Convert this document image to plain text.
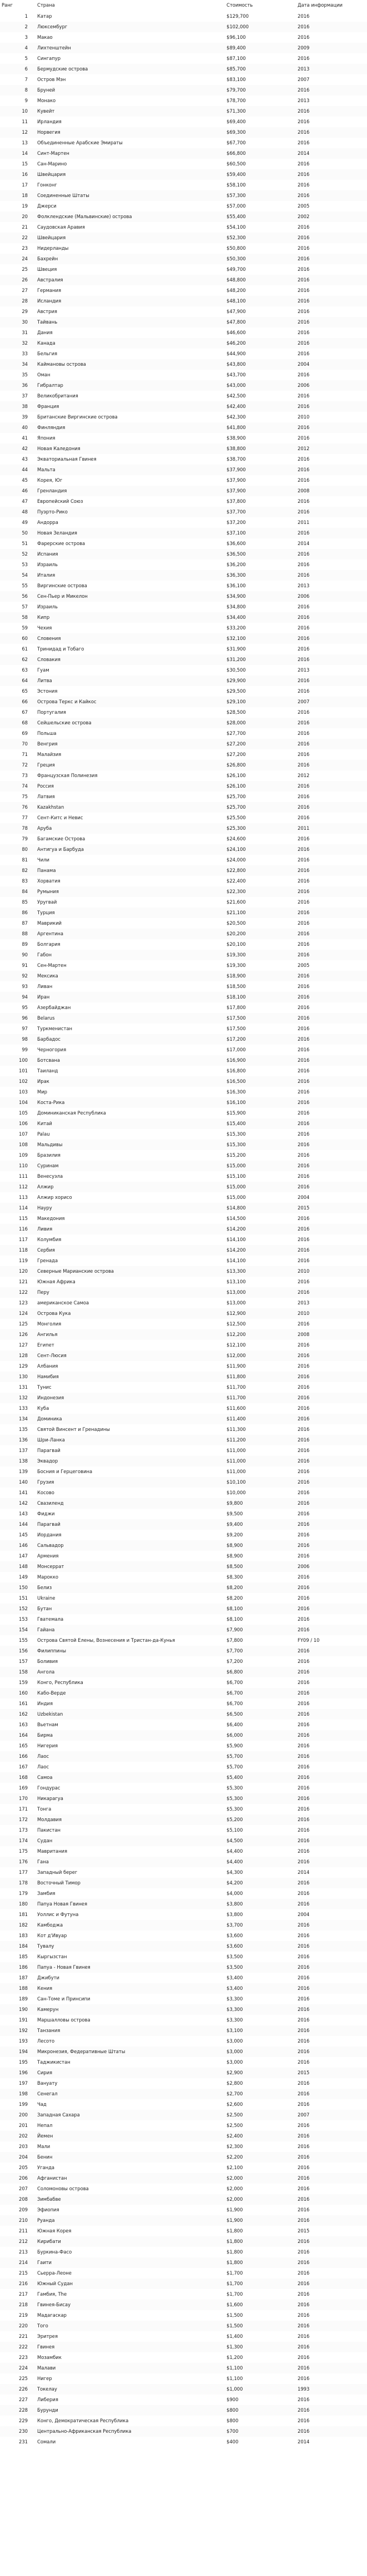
Ранг	Страна	Стоимость	Дата информации
1 Катар	$129,700	2016
2 Люксембург	$102,000	2016
3 Макао	$96,100	2016
4 Лихтенштейн	$89,400	2009
5 Сингапур	$87,100	2016
6 Бермудские острова	$85,700	2013
7 Остров Мэн	$83,100	2007
8 Бруней	$79,700	2016
9 Монако	$78,700	2013
10 Кувейт	$71,300	2016
11 Ирландия	$69,400	2016
12 Норвегия	$69,300	2016
13 Объединенные Арабские Эмираты	$67,700	2016
14 Синт-Мартен	$66,800	2014
15 Сан-Марино	$60,500	2016
16 Швейцария	$59,400	2016
17 Гонконг	$58,100	2016
18 Соединенные Штаты	$57,300	2016
19 Джерси	$57,000	2005
20 Фолклендские (Мальвинские) острова	$55,400	2002
21 Саудовская Аравия	$54,100	2016
22 Швейцария	$52,300	2016
23 Нидерланды	$50,800	2016
24 Бахрейн	$50,300	2016
25 Швеция	$49,700	2016
26 Австралия	$48,800	2016
27 Германия	$48,200	2016
28 Исландия	$48,100	2016
29 Австрия	$47,900	2016
30 Тайвань	$47,800	2016
31 Дания	$46,600	2016
32 Канада	$46,200	2016
33 Бельгия	$44,900	2016
34 Каймановы острова	$43,800	2004
35 Оман	$43,700	2016
36 Гибралтар	$43,000	2006
37 Великобритания	$42,500	2016
38 Франция	$42,400	2016
39 Британские Виргинские острова	$42,300	2010
40 Финляндия	$41,800	2016
41 Япония	$38,900	2016
42 Новая Каледония	$38,800	2012
43 Экваториальная Гвинея	$38,700	2016
44 Мальта	$37,900	2016
45 Корея, Юг	$37,900	2016
46 Гренландия	$37,900	2008
47 Европейский Союз	$37,800	2016
48 Пуэрто-Рико	$37,700	2016
49 Андорра	$37,200	2011
50 Новая Зеландия	$37,100	2016
51 Фарерские острова	$36,600	2014
52 Испания	$36,500	2016
53 Израиль	$36,200	2016
54 Италия	$36,300	2016
55 Виргинские острова	$36,100	2013
56 Сен-Пьер и Микелон	$34,900	2006
57 Израиль	$34,800	2016
58 Кипр	$34,400	2016
59 Чехия	$33,200	2016
60 Словения	$32,100	2016
61 Тринидад и Тобаго	$31,900	2016
62 Словакия	$31,200	2016
63 Гуам	$30,500	2013
64 Литва	$29,900	2016
65 Эстония	$29,500	2016
66 Острова Теркс и Кайкос	$29,100	2007
67 Португалия	$28,500	2016
68 Сейшельские острова	$28,000	2016
69 Польша	$27,700	2016
70 Венгрия	$27,200	2016
71 Малайзия	$27,200	2016
72 Греция	$26,800	2016
73 Французская Полинезия	$26,100	2012
74 Россия	$26,100	2016
75 Латвия	$25,700	2016
76 Kazakhstan	$25,700	2016
77 Сент-Китс и Невис	$25,500	2016
78 Аруба	$25,300	2011
79 Багамские Острова	$24,600	2016
80 Антигуа и Барбуда	$24,100	2016
81 Чили	$24,000	2016
82 Панама	$22,800	2016
83 Хорватия	$22,400	2016
84 Румыния	$22,300	2016
85 Уругвай	$21,600	2016
86 Турция	$21,100	2016
87 Маврикий	$20,500	2016
88 Аргентина	$20,200	2016
89 Болгария	$20,100	2016
90 Габон	$19,300	2016
91 Сен-Мартен	$19,300	2005
92 Мексика	$18,900	2016
93 Ливан	$18,500	2016
94 Иран	$18,100	2016
95 Азербайджан	$17,800	2016
96 Belarus	$17,500	2016
97 Туркменистан	$17,500	2016
98 Барбадос	$17,200	2016
99 Черногория	$17,000	2016
100 Ботсвана	$16,900	2016
101 Таиланд	$16,800	2016
102 Ирак	$16,500	2016
103 Мир	$16,300	2016
104 Коста-Рика	$16,100	2016
105 Доминиканская Республика	$15,900	2016
106 Китай	$15,400	2016
107 Palau	$15,300	2016
108 Мальдивы	$15,300	2016
109 Бразилия	$15,200	2016
110 Суринам	$15,000	2016
111 Венесуэла	$15,100	2016
112 Алжир	$15,000	2016
113 Алжир хорисо	$15,000	2004
114 Науру	$14,800	2015
115 Македония	$14,500	2016
116 Ливия	$14,200	2016
117 Колумбия	$14,100	2016
118 Сербия	$14,200	2016
119 Гренада	$14,100	2016
120 Северные Марианские острова	$13,300	2010
121 Южная Африка	$13,100	2016
122 Перу	$13,000	2016
123 американское Самоа	$13,000	2013
124 Острова Кука	$12,900	2010
125 Монголия	$12,500	2016
126 Ангилья	$12,200	2008
127 Египет	$12,100	2016
128 Сент-Люсия	$12,000	2016
129 Албания	$11,900	2016
130 Намибия	$11,800	2016
131 Тунис	$11,700	2016
132 Индонезия	$11,700	2016
133 Куба	$11,600	2016
134 Доминика	$11,400	2016
135 Святой Винсент и Гренадины	$11,300	2016
136 Шри-Ланка	$11,200	2016
137 Парагвай	$11,000	2016
138 Эквадор	$11,000	2016
139 Босния и Герцеговина	$11,000	2016
140 Грузия	$10,100	2016
141 Косово	$10,000	2016
142 Свазиленд	$9,800	2016
143 Фиджи	$9,500	2016
144 Парагвай	$9,400	2016
145 Иордания	$9,200	2016
146 Сальвадор	$8,900	2016
147 Армения	$8,900	2016
148 Монсеррат	$8,500	2006
149 Марокко	$8,300	2016
150 Белиз	$8,200	2016
151 Ukraine	$8,200	2016
152 Бутан	$8,100	2016
153 Гватемала	$8,100	2016
154 Гайана	$7,900	2016
155 Острова Святой Елены, Вознесения и Тристан-да-Кунья	$7,800	FY09 / 10
156 Филиппины	$7,700	2016
157 Боливия	$7,200	2016
158 Ангола	$6,800	2016
159 Конго, Республика	$6,700	2016
160 Кабо-Верде	$6,700	2016
161 Индия	$6,700	2016
162 Uzbekistan	$6,500	2016
163 Вьетнам	$6,400	2016
164 Бирма	$6,000	2016
165 Нигерия	$5,900	2016
166 Лаос	$5,700	2016
167 Лаос	$5,700	2016
168 Самоа	$5,400	2016
169 Гондурас	$5,300	2016
170 Никарагуа	$5,300	2016
171 Тонга	$5,300	2016
172 Молдавия	$5,200	2016
173 Пакистан	$5,100	2016
174 Судан	$4,500	2016
175 Мавритания	$4,400	2016
176 Гана	$4,400	2016
177 Западный берег	$4,300	2014
178 Восточный Тимор	$4,200	2016
179 Замбия	$4,000	2016
180 Папуа Новая Гвинея	$3,800	2016
181 Уоллис и Футуна	$3,800	2004
182 Камбоджа	$3,700	2016
183 Кот д'Ивуар	$3,600	2016
184 Тувалу	$3,600	2016
185 Кыргызстан	$3,500	2016
186 Папуа - Новая Гвинея	$3,500	2016
187 Джибути	$3,400	2016
188 Кения	$3,400	2016
189 Сан-Томе и Принсипи	$3,300	2016
190 Камерун	$3,300	2016
191 Маршалловы острова	$3,300	2016
192 Танзания	$3,100	2016
193 Лесото	$3,000	2016
194 Микронезия, Федеративные Штаты	$3,000	2016
195 Таджикистан	$3,000	2016
196 Сирия	$2,900	2015
197 Вануату	$2,800	2016
198 Сенегал	$2,700	2016
199 Чад	$2,600	2016
200 Западная Сахара	$2,500	2007
201 Непал	$2,500	2016
202 Йемен	$2,400	2016
203 Мали	$2,300	2016
204 Бенин	$2,200	2016
205 Уганда	$2,100	2016
206 Афганистан	$2,000	2016
207 Соломоновы острова	$2,000	2016
208 Зимбабве	$2,000	2016
209 Эфиопия	$1,900	2016
210 Руанда	$1,900	2016
211 Южная Корея	$1,800	2015
212 Кирибати	$1,800	2016
213 Буркина-Фасо	$1,800	2016
214 Гаити	$1,800	2016
215 Сьерра-Леоне	$1,700	2016
216 Южный Судан	$1,700	2016
217 Гамбия, The	$1,700	2016
218 Гвинея-Бисау	$1,600	2016
219 Мадагаскар	$1,500	2016
220 Того	$1,500	2016
221 Эритрея	$1,400	2016
222 Гвинея	$1,300	2016
223 Мозамбик	$1,200	2016
224 Малави	$1,100	2016
225 Нигер	$1,100	2016
226 Токелау	$1,000	1993
227 Либерия	$900	2016
228 Бурунди	$800	2016
229 Конго, Демократическая Республика	$800	2016
230 Центрально-Африканская Республика	$700	2016
231 Сомали	$400	2014
